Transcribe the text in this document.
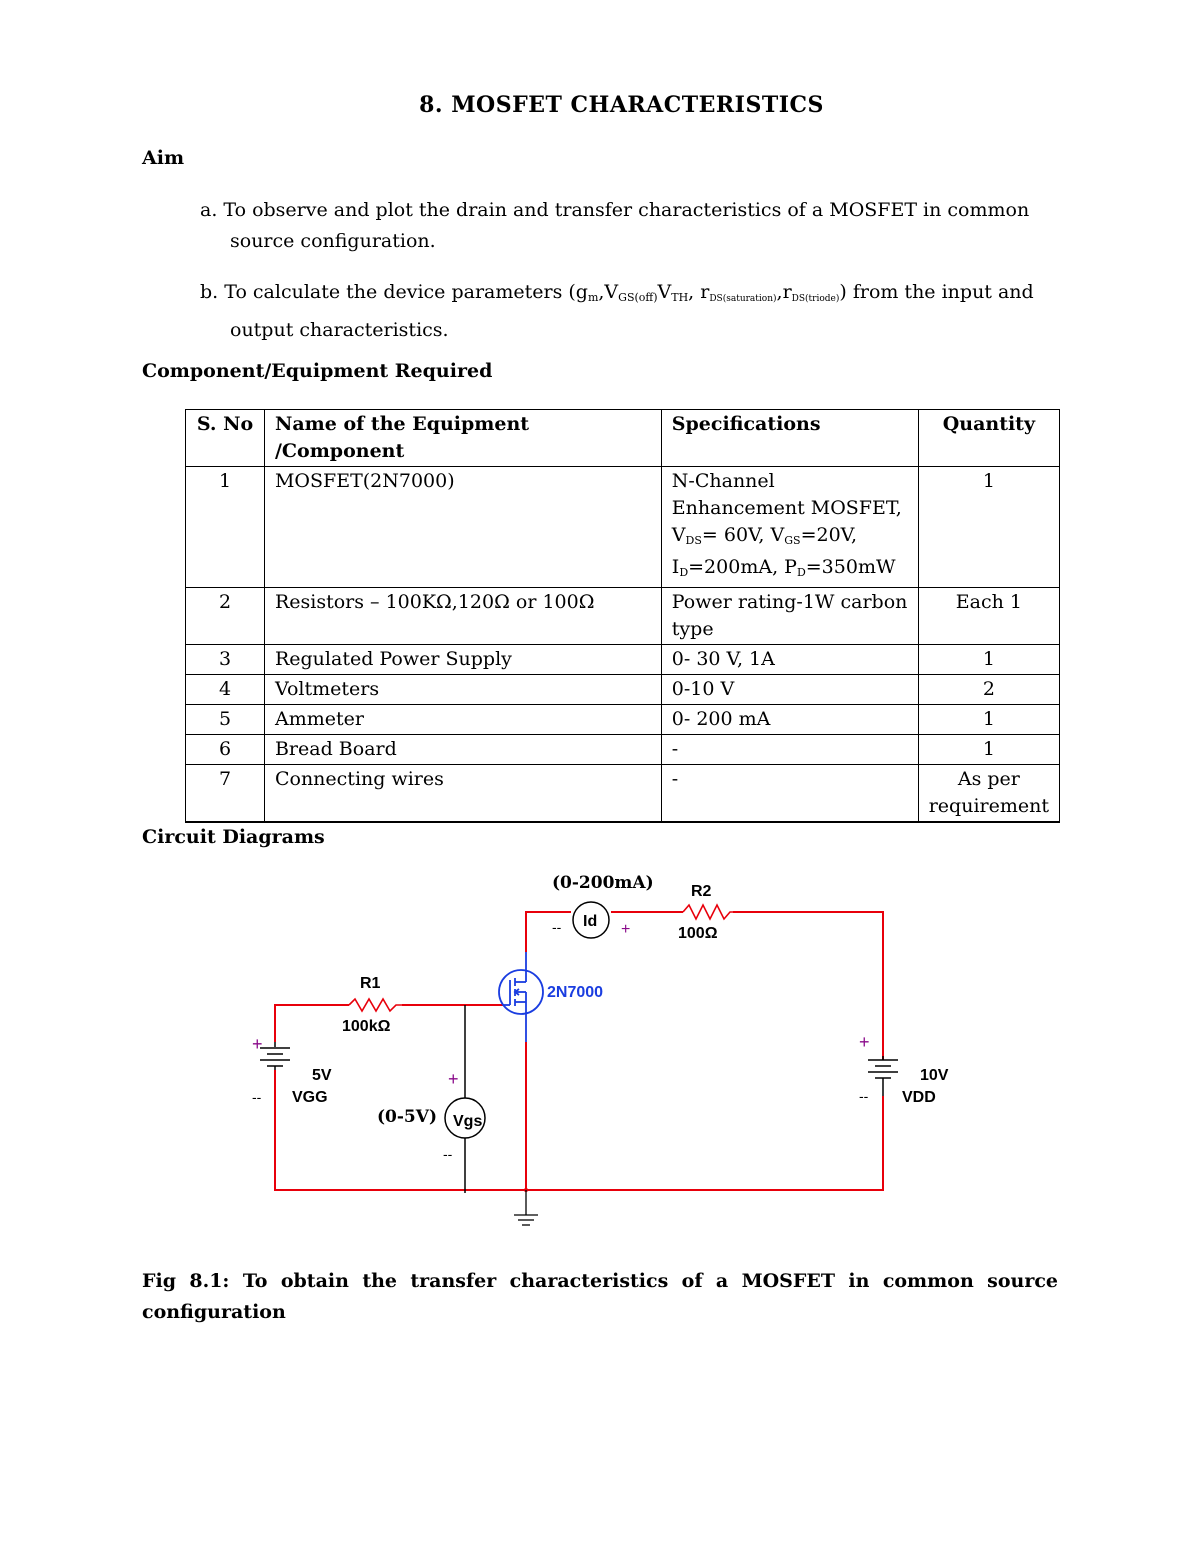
8. MOSFET CHARACTERISTICS
Aim
a. To observe and plot the drain and transfer characteristics of a MOSFET in common
source configuration.
b. To calculate the device parameters ($g_m,V_{GS(off)}V_{TH}$, rDS(saturation),rDS(triode)) from the input and
output characteristics.
Component/Equipment Required
S. No	Name of the Equipment /Component	Specifications	Quantity
1	MOSFET(2N7000)	N-Channel
Enhancement MOSFET,
$V_{DS}= 60V$, $V_{GS}=20V$,
$I_D=200mA$, $P_D=350mW$	1
2	Resistors – 100KΩ,120Ω or 100Ω	Power rating-1W carbon type	Each 1
3	Regulated Power Supply	0- 30 V, 1A	1
4	Voltmeters	0-10 V	2
5	Ammeter	0- 200 mA	1
6	Bread Board	-	1
7	Connecting wires	-	As per requirement
Circuit Diagrams
(0-200mA)
Id
--	+
R2
100Ω
R1
100kΩ
2N7000
+
--
5V
VGG
(0-5V) Vgs
+
--
+
--
10V
VDD
Fig 8.1: To obtain the transfer characteristics of a MOSFET in common source configuration
